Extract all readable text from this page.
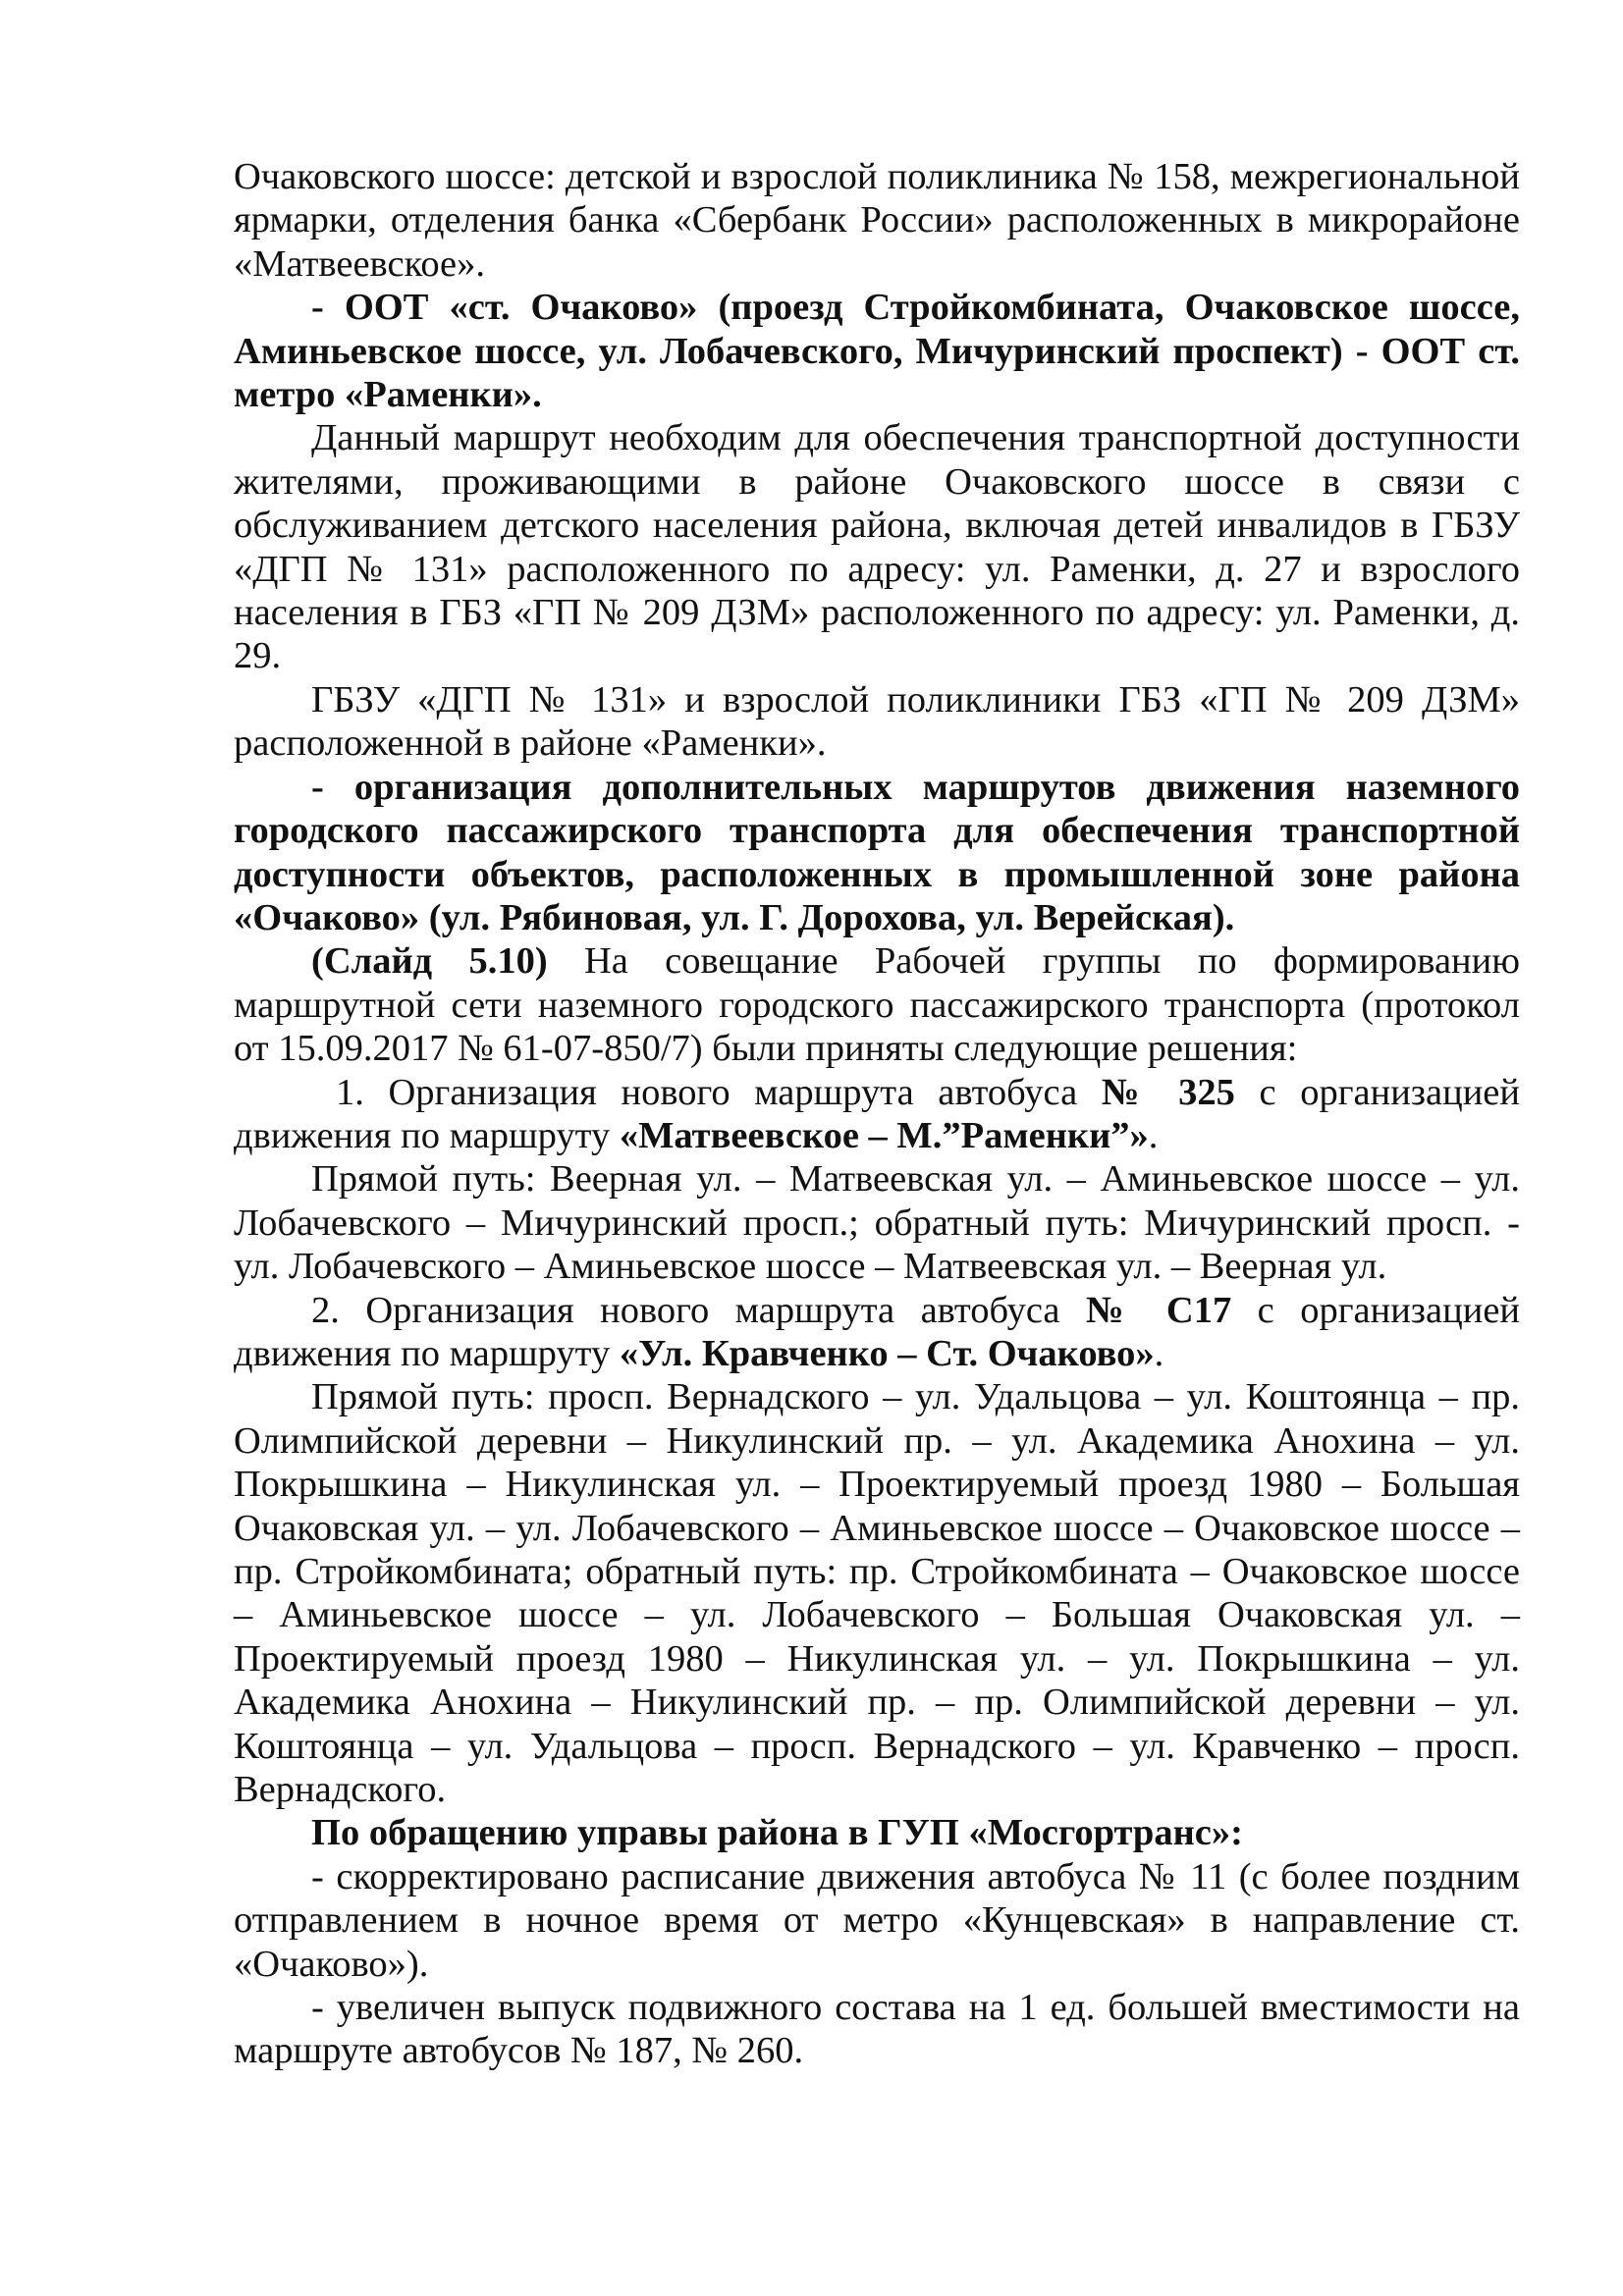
Очаковского шоссе: детской и взрослой поликлиника № 158, межрегиональной ярмарки, отделения банка «Сбербанк России» расположенных в микрорайоне «Матвеевское».

- ООТ «ст. Очаково» (проезд Стройкомбината, Очаковское шоссе, Аминьевское шоссе, ул. Лобачевского, Мичуринский проспект) - ООТ ст. метро «Раменки».

Данный маршрут необходим для обеспечения транспортной доступности жителями, проживающими в районе Очаковского шоссе в связи с обслуживанием детского населения района, включая детей инвалидов в ГБЗУ «ДГП № 131» расположенного по адресу: ул. Раменки, д. 27 и взрослого населения в ГБЗ «ГП № 209 ДЗМ» расположенного по адресу: ул. Раменки, д. 29.

ГБЗУ «ДГП № 131» и взрослой поликлиники ГБЗ «ГП № 209 ДЗМ» расположенной в районе «Раменки».

- организация дополнительных маршрутов движения наземного городского пассажирского транспорта для обеспечения транспортной доступности объектов, расположенных в промышленной зоне района «Очаково» (ул. Рябиновая, ул. Г. Дорохова, ул. Верейская).

(Слайд 5.10) На совещание Рабочей группы по формированию маршрутной сети наземного городского пассажирского транспорта (протокол от 15.09.2017 № 61-07-850/7) были приняты следующие решения:

1. Организация нового маршрута автобуса № 325 с организацией движения по маршруту «Матвеевское – М.”Раменки”».

Прямой путь: Веерная ул. – Матвеевская ул. – Аминьевское шоссе – ул. Лобачевского – Мичуринский просп.; обратный путь: Мичуринский просп. - ул. Лобачевского – Аминьевское шоссе – Матвеевская ул. – Веерная ул.

2. Организация нового маршрута автобуса № С17 с организацией движения по маршруту «Ул. Кравченко – Ст. Очаково».

Прямой путь: просп. Вернадского – ул. Удальцова – ул. Коштоянца – пр. Олимпийской деревни – Никулинский пр. – ул. Академика Анохина – ул. Покрышкина – Никулинская ул. – Проектируемый проезд 1980 – Большая Очаковская ул. – ул. Лобачевского – Аминьевское шоссе – Очаковское шоссе – пр. Стройкомбината; обратный путь: пр. Стройкомбината – Очаковское шоссе – Аминьевское шоссе – ул. Лобачевского – Большая Очаковская ул. – Проектируемый проезд 1980 – Никулинская ул. – ул. Покрышкина – ул. Академика Анохина – Никулинский пр. – пр. Олимпийской деревни – ул. Коштоянца – ул. Удальцова – просп. Вернадского – ул. Кравченко – просп. Вернадского.

По обращению управы района в ГУП «Мосгортранс»:

- скорректировано расписание движения автобуса № 11 (с более поздним отправлением в ночное время от метро «Кунцевская» в направление ст. «Очаково»).

- увеличен выпуск подвижного состава на 1 ед. большей вместимости на маршруте автобусов № 187, № 260.
